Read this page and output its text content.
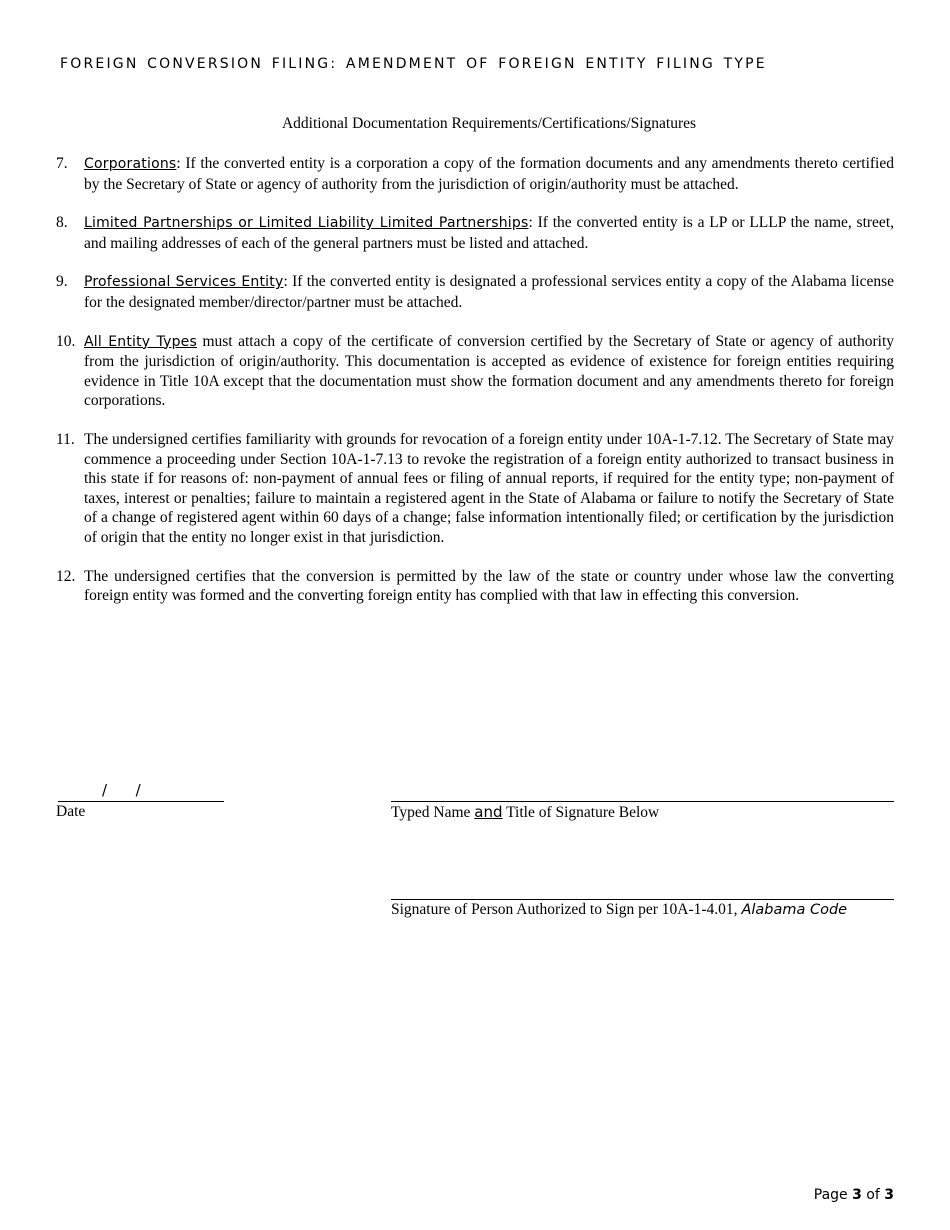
FOREIGN CONVERSION FILING: AMENDMENT OF FOREIGN ENTITY FILING TYPE
Additional Documentation Requirements/Certifications/Signatures
7.	Corporations: If the converted entity is a corporation a copy of the formation documents and any amendments thereto certified by the Secretary of State or agency of authority from the jurisdiction of origin/authority must be attached.
8.	Limited Partnerships or Limited Liability Limited Partnerships: If the converted entity is a LP or LLLP the name, street, and mailing addresses of each of the general partners must be listed and attached.
9.	Professional Services Entity: If the converted entity is designated a professional services entity a copy of the Alabama license for the designated member/director/partner must be attached.
10. All Entity Types must attach a copy of the certificate of conversion certified by the Secretary of State or agency of authority from the jurisdiction of origin/authority. This documentation is accepted as evidence of existence for foreign entities requiring evidence in Title 10A except that the documentation must show the formation document and any amendments thereto for foreign corporations.
11. The undersigned certifies familiarity with grounds for revocation of a foreign entity under 10A-1-7.12. The Secretary of State may commence a proceeding under Section 10A-1-7.13 to revoke the registration of a foreign entity authorized to transact business in this state if for reasons of: non-payment of annual fees or filing of annual reports, if required for the entity type; non-payment of taxes, interest or penalties; failure to maintain a registered agent in the State of Alabama or failure to notify the Secretary of State of a change of registered agent within 60 days of a change; false information intentionally filed; or certification by the jurisdiction of origin that the entity no longer exist in that jurisdiction.
12. The undersigned certifies that the conversion is permitted by the law of the state or country under whose law the converting foreign entity was formed and the converting foreign entity has complied with that law in effecting this conversion.
/      /
Date	Typed Name and Title of Signature Below
Signature of Person Authorized to Sign per 10A-1-4.01, Alabama Code
Page 3 of 3
